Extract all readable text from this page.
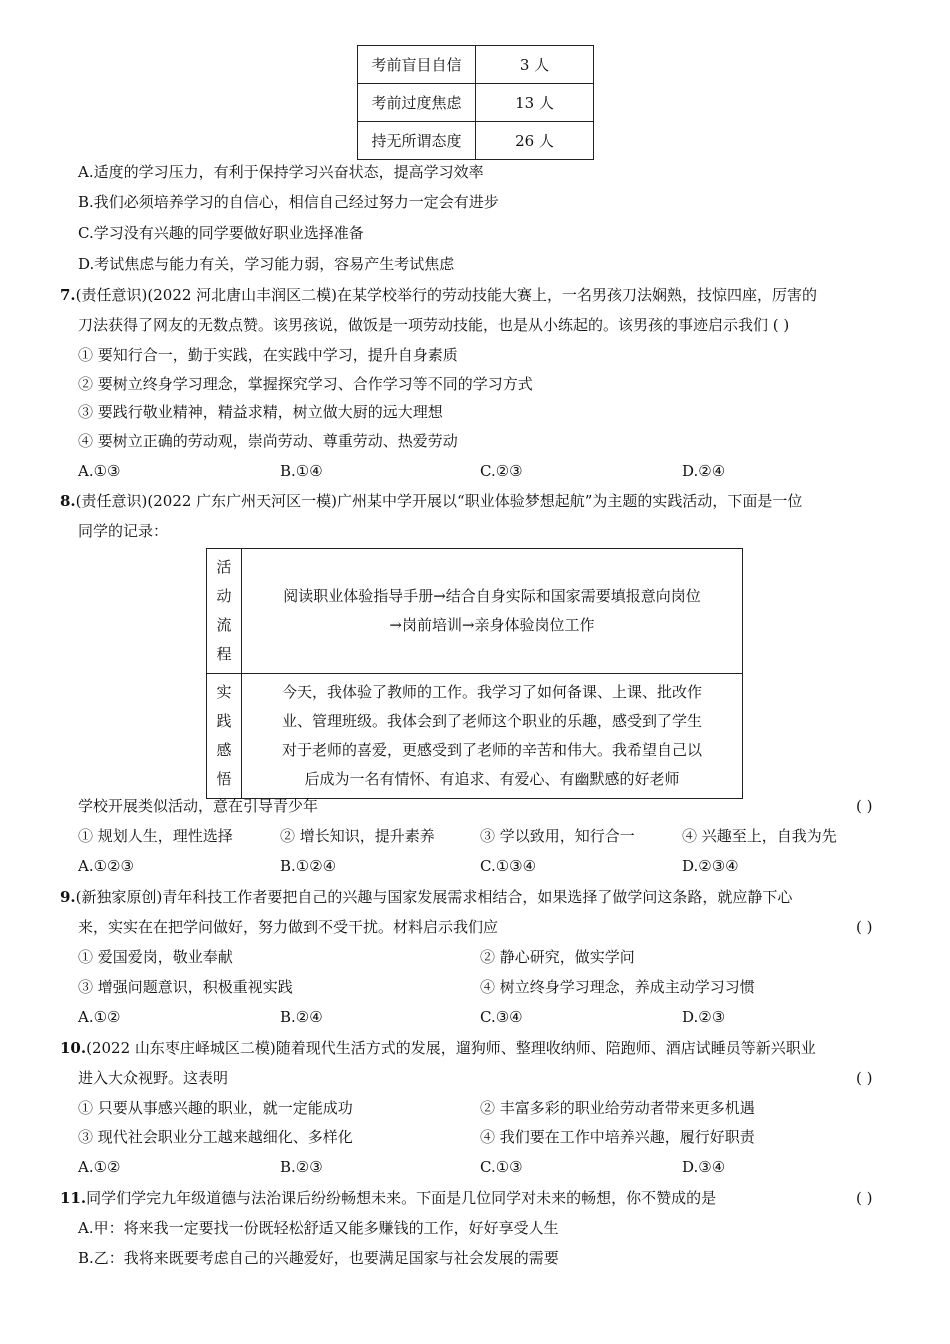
考前盲目自信	3 人
考前过度焦虑	13 人
持无所谓态度	26 人
A.适度的学习压力，有利于保持学习兴奋状态，提高学习效率
B.我们必须培养学习的自信心，相信自己经过努力一定会有进步
C.学习没有兴趣的同学要做好职业选择准备
D.考试焦虑与能力有关，学习能力弱，容易产生考试焦虑
7.(责任意识)(2022 河北唐山丰润区二模)在某学校举行的劳动技能大赛上，一名男孩刀法娴熟，技惊四座，厉害的
刀法获得了网友的无数点赞。该男孩说，做饭是一项劳动技能，也是从小练起的。该男孩的事迹启示我们 ( )
① 要知行合一，勤于实践，在实践中学习，提升自身素质
② 要树立终身学习理念，掌握探究学习、合作学习等不同的学习方式
③ 要践行敬业精神，精益求精，树立做大厨的远大理想
④ 要树立正确的劳动观，崇尚劳动、尊重劳动、热爱劳动
A.①③	B.①④	C.②③	D.②④
8.(责任意识)(2022 广东广州天河区一模)广州某中学开展以“职业体验梦想起航”为主题的实践活动，下面是一位
同学的记录：
活
动
流
程	阅读职业体验指导手册→结合自身实际和国家需要填报意向岗位
→岗前培训→亲身体验岗位工作

实
践
感
悟	今天，我体验了教师的工作。我学习了如何备课、上课、批改作
业、管理班级。我体会到了老师这个职业的乐趣，感受到了学生
对于老师的喜爱，更感受到了老师的辛苦和伟大。我希望自己以
后成为一名有情怀、有追求、有爱心、有幽默感的好老师
学校开展类似活动，意在引导青少年	( )
① 规划人生，理性选择	② 增长知识，提升素养	③ 学以致用，知行合一	④ 兴趣至上，自我为先
A.①②③	B.①②④	C.①③④	D.②③④
9.(新独家原创)青年科技工作者要把自己的兴趣与国家发展需求相结合，如果选择了做学问这条路，就应静下心
来，实实在在把学问做好，努力做到不受干扰。材料启示我们应	( )
① 爱国爱岗，敬业奉献	② 静心研究，做实学问
③ 增强问题意识，积极重视实践	④ 树立终身学习理念，养成主动学习习惯
A.①②	B.②④	C.③④	D.②③
10.(2022 山东枣庄峄城区二模)随着现代生活方式的发展，遛狗师、整理收纳师、陪跑师、酒店试睡员等新兴职业
进入大众视野。这表明	( )
① 只要从事感兴趣的职业，就一定能成功	② 丰富多彩的职业给劳动者带来更多机遇
③ 现代社会职业分工越来越细化、多样化	④ 我们要在工作中培养兴趣，履行好职责
A.①②	B.②③	C.①③	D.③④
11.同学们学完九年级道德与法治课后纷纷畅想未来。下面是几位同学对未来的畅想，你不赞成的是	( )
A.甲：将来我一定要找一份既轻松舒适又能多赚钱的工作，好好享受人生
B.乙：我将来既要考虑自己的兴趣爱好，也要满足国家与社会发展的需要
